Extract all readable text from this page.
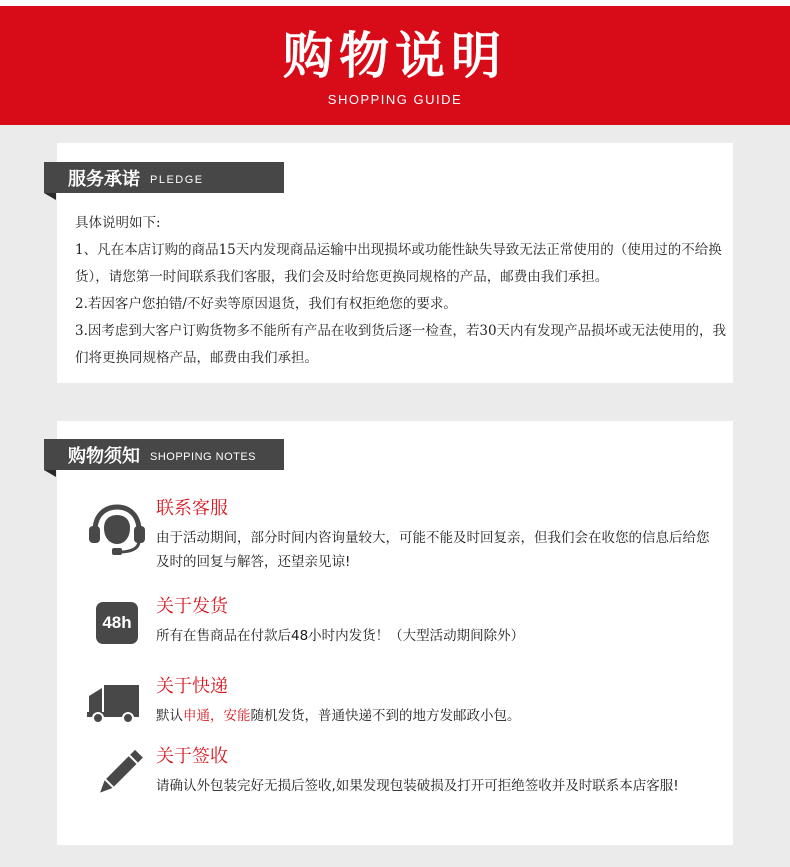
购物说明
SHOPPING GUIDE
服务承诺 PLEDGE

具体说明如下:

1、凡在本店订购的商品15天内发现商品运输中出现损坏或功能性缺失导致无法正常使用的（使用过的不给换货），请您第一时间联系我们客服，我们会及时给您更换同规格的产品，邮费由我们承担。

2.若因客户您拍错/不好卖等原因退货，我们有权拒绝您的要求。

3.因考虑到大客户订购货物多不能所有产品在收到货后逐一检查，若30天内有发现产品损坏或无法使用的，我们将更换同规格产品，邮费由我们承担。

购物须知 SHOPPING NOTES
联系客服
由于活动期间，部分时间内咨询量较大，可能不能及时回复亲，但我们会在收您的信息后给您及时的回复与解答，还望亲见谅!
48h
关于发货
所有在售商品在付款后48小时内发货！（大型活动期间除外）
关于快递
默认申通，安能随机发货，普通快递不到的地方发邮政小包。
关于签收
请确认外包装完好无损后签收,如果发现包装破损及打开可拒绝签收并及时联系本店客服!
